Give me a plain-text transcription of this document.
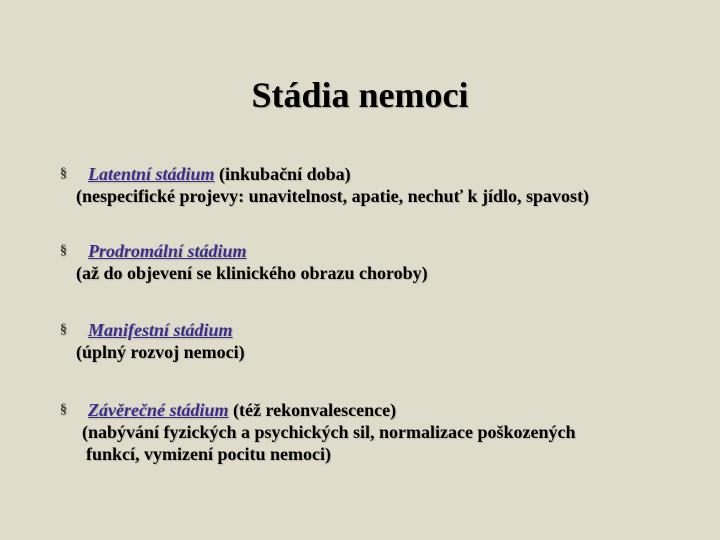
Stádia nemoci
§	Latentní stádium (inkubační doba)
(nespecifické projevy: unavitelnost, apatie, nechuť k jídlo, spavost)
§	Prodromální stádium
(až do objevení se klinického obrazu choroby)
§	Manifestní stádium
(úplný rozvoj nemoci)
§	Závěrečné stádium (též rekonvalescence)
(nabývání fyzických a psychických sil, normalizace poškozených
funkcí, vymizení pocitu nemoci)
